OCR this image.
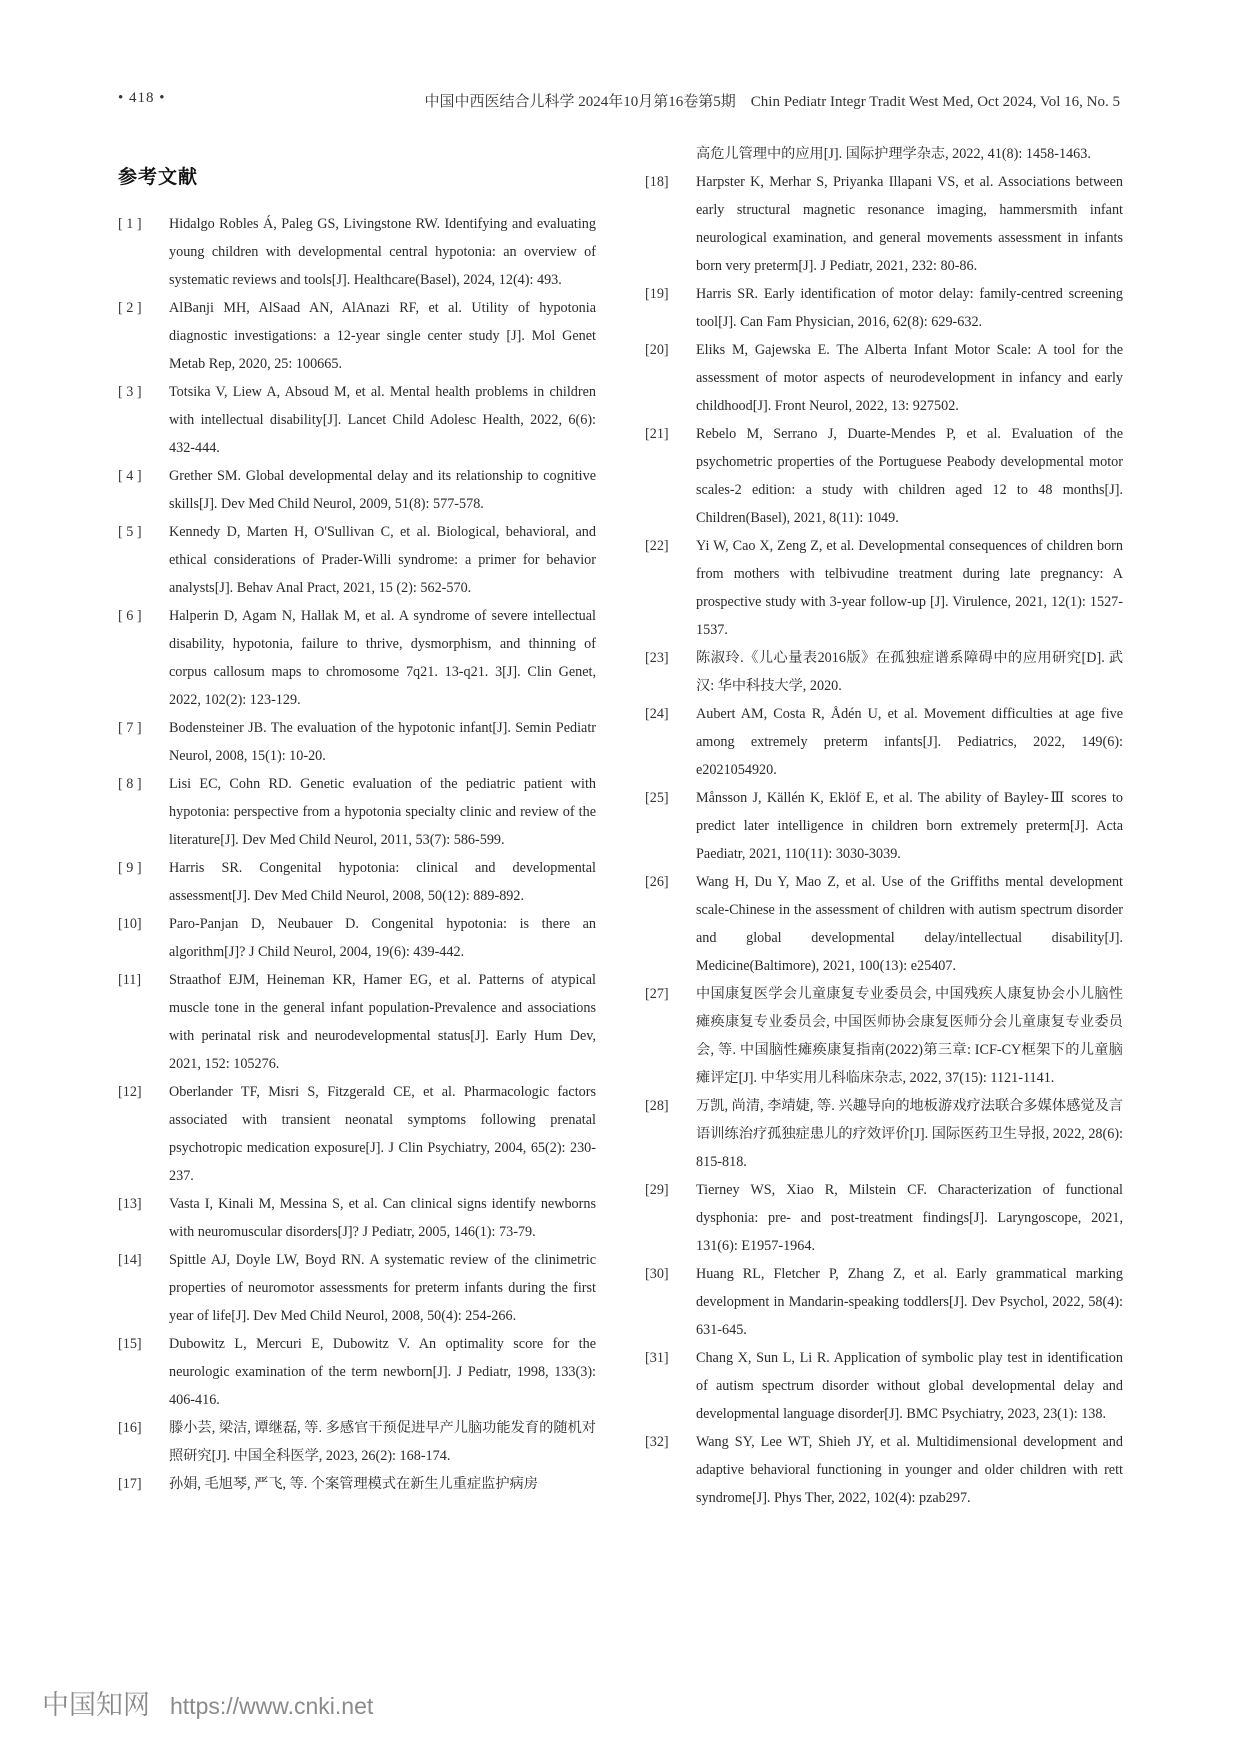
• 418 •	中国中西医结合儿科学 2024年10月第16卷第5期　Chin Pediatr Integr Tradit West Med, Oct 2024, Vol 16, No. 5
参考文献
[ 1 ]	Hidalgo Robles Á, Paleg GS, Livingstone RW. Identifying and evaluating young children with developmental central hypotonia: an overview of systematic reviews and tools[J]. Healthcare(Basel), 2024, 12(4): 493.
[ 2 ]	AlBanji MH, AlSaad AN, AlAnazi RF, et al. Utility of hypotonia diagnostic investigations: a 12-year single center study [J]. Mol Genet Metab Rep, 2020, 25: 100665.
[ 3 ]	Totsika V, Liew A, Absoud M, et al. Mental health problems in children with intellectual disability[J]. Lancet Child Adolesc Health, 2022, 6(6): 432-444.
[ 4 ]	Grether SM. Global developmental delay and its relationship to cognitive skills[J]. Dev Med Child Neurol, 2009, 51(8): 577-578.
[ 5 ]	Kennedy D, Marten H, O'Sullivan C, et al. Biological, behavioral, and ethical considerations of Prader-Willi syndrome: a primer for behavior analysts[J]. Behav Anal Pract, 2021, 15 (2): 562-570.
[ 6 ]	Halperin D, Agam N, Hallak M, et al. A syndrome of severe intellectual disability, hypotonia, failure to thrive, dysmorphism, and thinning of corpus callosum maps to chromosome 7q21. 13-q21. 3[J]. Clin Genet, 2022, 102(2): 123-129.
[ 7 ]	Bodensteiner JB. The evaluation of the hypotonic infant[J]. Semin Pediatr Neurol, 2008, 15(1): 10-20.
[ 8 ]	Lisi EC, Cohn RD. Genetic evaluation of the pediatric patient with hypotonia: perspective from a hypotonia specialty clinic and review of the literature[J]. Dev Med Child Neurol, 2011, 53(7): 586-599.
[ 9 ]	Harris SR. Congenital hypotonia: clinical and developmental assessment[J]. Dev Med Child Neurol, 2008, 50(12): 889-892.
[10]	Paro-Panjan D, Neubauer D. Congenital hypotonia: is there an algorithm[J]? J Child Neurol, 2004, 19(6): 439-442.
[11]	Straathof EJM, Heineman KR, Hamer EG, et al. Patterns of atypical muscle tone in the general infant population-Prevalence and associations with perinatal risk and neurodevelopmental status[J]. Early Hum Dev, 2021, 152: 105276.
[12]	Oberlander TF, Misri S, Fitzgerald CE, et al. Pharmacologic factors associated with transient neonatal symptoms following prenatal psychotropic medication exposure[J]. J Clin Psychiatry, 2004, 65(2): 230-237.
[13]	Vasta I, Kinali M, Messina S, et al. Can clinical signs identify newborns with neuromuscular disorders[J]? J Pediatr, 2005, 146(1): 73-79.
[14]	Spittle AJ, Doyle LW, Boyd RN. A systematic review of the clinimetric properties of neuromotor assessments for preterm infants during the first year of life[J]. Dev Med Child Neurol, 2008, 50(4): 254-266.
[15]	Dubowitz L, Mercuri E, Dubowitz V. An optimality score for the neurologic examination of the term newborn[J]. J Pediatr, 1998, 133(3): 406-416.
[16]	滕小芸, 梁洁, 谭继磊, 等. 多感官干预促进早产儿脑功能发育的随机对照研究[J]. 中国全科医学, 2023, 26(2): 168-174.
[17]	孙娟, 毛旭琴, 严飞, 等. 个案管理模式在新生儿重症监护病房
高危儿管理中的应用[J]. 国际护理学杂志, 2022, 41(8): 1458-1463.
[18]	Harpster K, Merhar S, Priyanka Illapani VS, et al. Associations between early structural magnetic resonance imaging, hammersmith infant neurological examination, and general movements assessment in infants born very preterm[J]. J Pediatr, 2021, 232: 80-86.
[19]	Harris SR. Early identification of motor delay: family-centred screening tool[J]. Can Fam Physician, 2016, 62(8): 629-632.
[20]	Eliks M, Gajewska E. The Alberta Infant Motor Scale: A tool for the assessment of motor aspects of neurodevelopment in infancy and early childhood[J]. Front Neurol, 2022, 13: 927502.
[21]	Rebelo M, Serrano J, Duarte-Mendes P, et al. Evaluation of the psychometric properties of the Portuguese Peabody developmental motor scales-2 edition: a study with children aged 12 to 48 months[J]. Children(Basel), 2021, 8(11): 1049.
[22]	Yi W, Cao X, Zeng Z, et al. Developmental consequences of children born from mothers with telbivudine treatment during late pregnancy: A prospective study with 3-year follow-up [J]. Virulence, 2021, 12(1): 1527-1537.
[23]	陈淑玲.《儿心量表2016版》在孤独症谱系障碍中的应用研究[D]. 武汉: 华中科技大学, 2020.
[24]	Aubert AM, Costa R, Ådén U, et al. Movement difficulties at age five among extremely preterm infants[J]. Pediatrics, 2022, 149(6): e2021054920.
[25]	Månsson J, Källén K, Eklöf E, et al. The ability of Bayley-Ⅲ scores to predict later intelligence in children born extremely preterm[J]. Acta Paediatr, 2021, 110(11): 3030-3039.
[26]	Wang H, Du Y, Mao Z, et al. Use of the Griffiths mental development scale-Chinese in the assessment of children with autism spectrum disorder and global developmental delay/intellectual disability[J]. Medicine(Baltimore), 2021, 100(13): e25407.
[27]	中国康复医学会儿童康复专业委员会, 中国残疾人康复协会小儿脑性瘫痪康复专业委员会, 中国医师协会康复医师分会儿童康复专业委员会, 等. 中国脑性瘫痪康复指南(2022)第三章: ICF-CY框架下的儿童脑瘫评定[J]. 中华实用儿科临床杂志, 2022, 37(15): 1121-1141.
[28]	万凯, 尚清, 李靖婕, 等. 兴趣导向的地板游戏疗法联合多媒体感觉及言语训练治疗孤独症患儿的疗效评价[J]. 国际医药卫生导报, 2022, 28(6): 815-818.
[29]	Tierney WS, Xiao R, Milstein CF. Characterization of functional dysphonia: pre- and post-treatment findings[J]. Laryngoscope, 2021, 131(6): E1957-1964.
[30]	Huang RL, Fletcher P, Zhang Z, et al. Early grammatical marking development in Mandarin-speaking toddlers[J]. Dev Psychol, 2022, 58(4): 631-645.
[31]	Chang X, Sun L, Li R. Application of symbolic play test in identification of autism spectrum disorder without global developmental delay and developmental language disorder[J]. BMC Psychiatry, 2023, 23(1): 138.
[32]	Wang SY, Lee WT, Shieh JY, et al. Multidimensional development and adaptive behavioral functioning in younger and older children with rett syndrome[J]. Phys Ther, 2022, 102(4): pzab297.
中国知网 https://www.cnki.net
